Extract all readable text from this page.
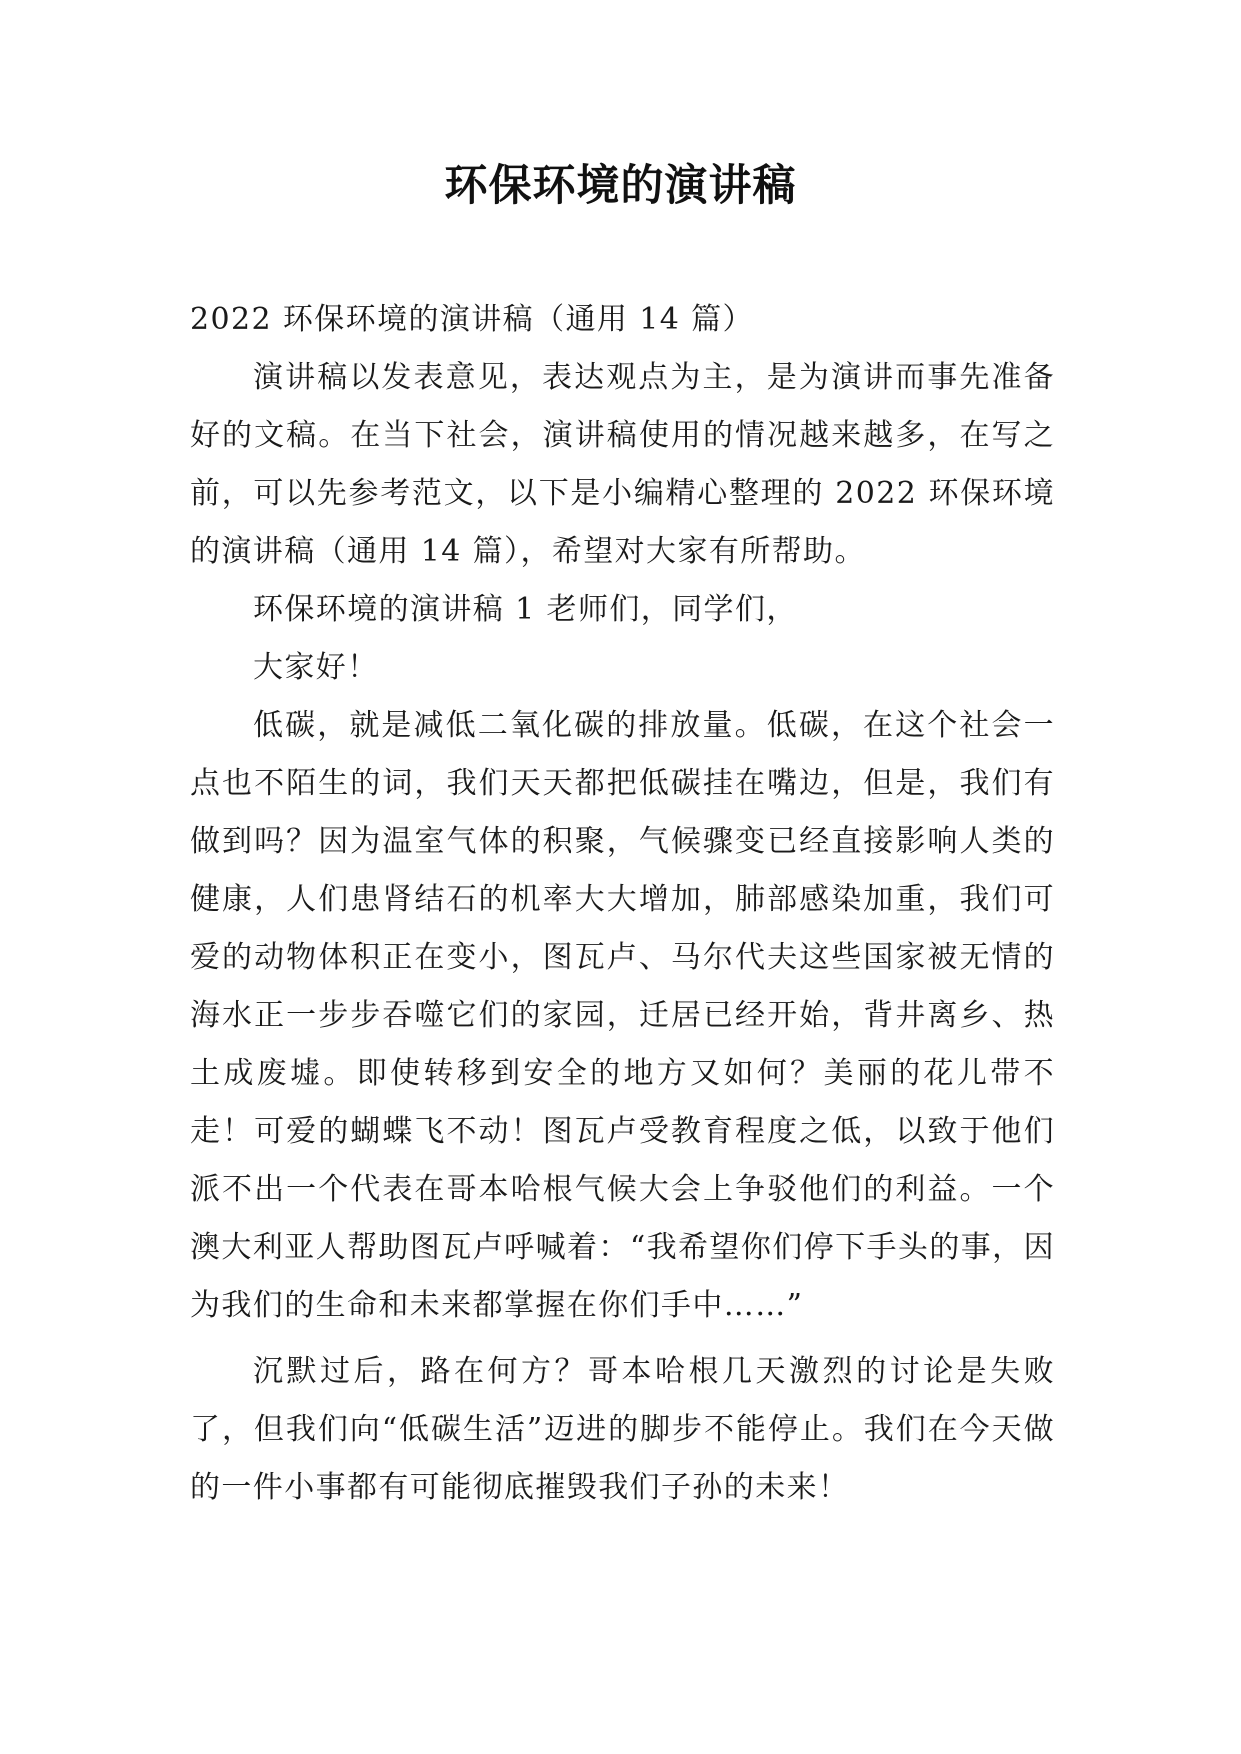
环保环境的演讲稿

2022 环保环境的演讲稿（通用 14 篇）

演讲稿以发表意见，表达观点为主，是为演讲而事先准备好的文稿。在当下社会，演讲稿使用的情况越来越多，在写之前，可以先参考范文，以下是小编精心整理的 2022 环保环境的演讲稿（通用 14 篇），希望对大家有所帮助。

环保环境的演讲稿 1 老师们，同学们，

大家好！

低碳，就是减低二氧化碳的排放量。低碳，在这个社会一点也不陌生的词，我们天天都把低碳挂在嘴边，但是，我们有做到吗？因为温室气体的积聚，气候骤变已经直接影响人类的健康，人们患肾结石的机率大大增加，肺部感染加重，我们可爱的动物体积正在变小，图瓦卢、马尔代夫这些国家被无情的海水正一步步吞噬它们的家园，迁居已经开始，背井离乡、热土成废墟。即使转移到安全的地方又如何？美丽的花儿带不走！可爱的蝴蝶飞不动！图瓦卢受教育程度之低，以致于他们派不出一个代表在哥本哈根气候大会上争驳他们的利益。一个澳大利亚人帮助图瓦卢呼喊着：“我希望你们停下手头的事，因为我们的生命和未来都掌握在你们手中……”

沉默过后，路在何方？哥本哈根几天激烈的讨论是失败了，但我们向“低碳生活”迈进的脚步不能停止。我们在今天做的一件小事都有可能彻底摧毁我们子孙的未来！
